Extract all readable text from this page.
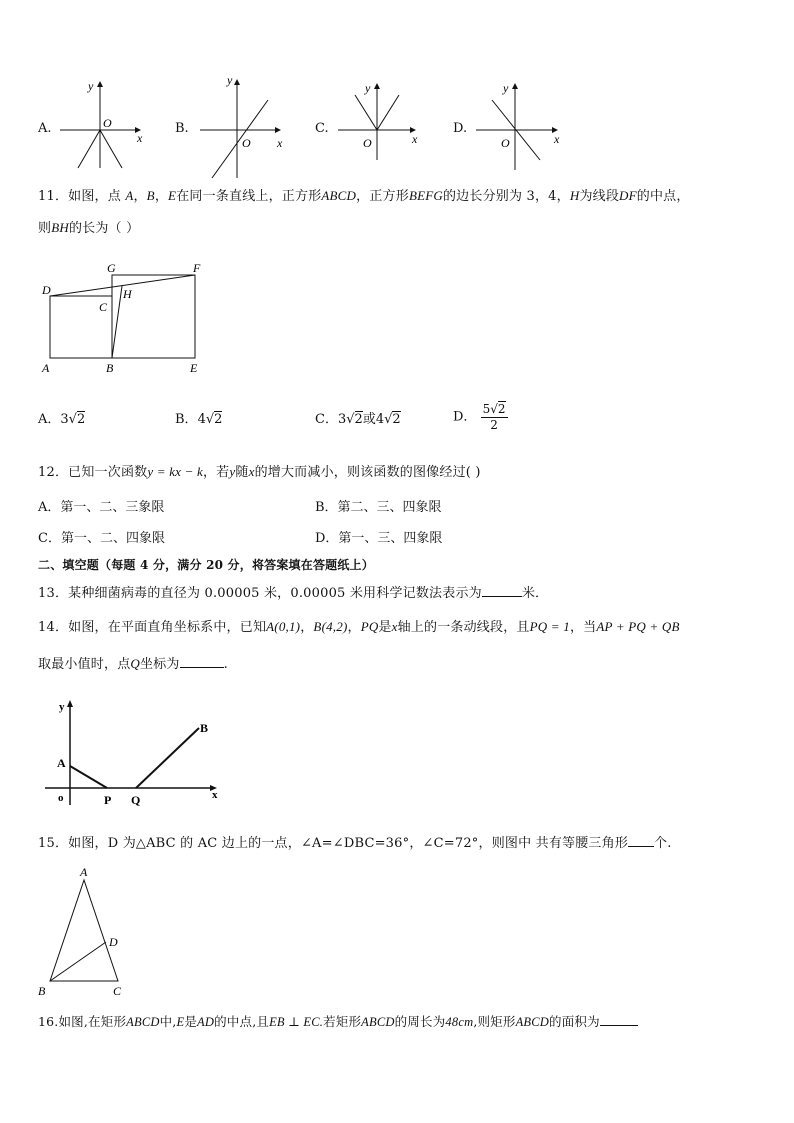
A.
y
O
x
B.
y
O x
C.
y
O	x
D.
y
O	x
11．如图，点 A，B，E在同一条直线上，正方形ABCD，正方形BEFG的边长分别为 3，4，H为线段DF的中点，
则BH的长为（ ）
G	F
D	H
C
A	B	E
A．3√2	B．4√2	C．3√2或4√2	D． $\frac{5√2}{2}$
12．已知一次函数y = kx − k，若y随x的增大而减小，则该函数的图像经过( )
A．第一、二、三象限	B．第二、三、四象限
C．第一、二、四象限	D．第一、三、四象限
二、填空题（每题 4 分，满分 20 分，将答案填在答题纸上）
13．某种细菌病毒的直径为 0.00005 米，0.00005 米用科学记数法表示为	米．
14．如图，在平面直角坐标系中，已知A(0,1)，B(4,2)，PQ是x轴上的一条动线段，且PQ = 1，当AP + PQ + QB
取最小值时，点Q坐标为	.
y
x
o
A
B
P Q
15．如图，D 为△ABC 的 AC 边上的一点，∠A=∠DBC=36°，∠C=72°，则图中 共有等腰三角形 个.
A
B	C
D
16.如图,在矩形ABCD中,E是AD的中点,且EB ⊥ EC.若矩形ABCD的周长为48cm,则矩形ABCD的面积为
